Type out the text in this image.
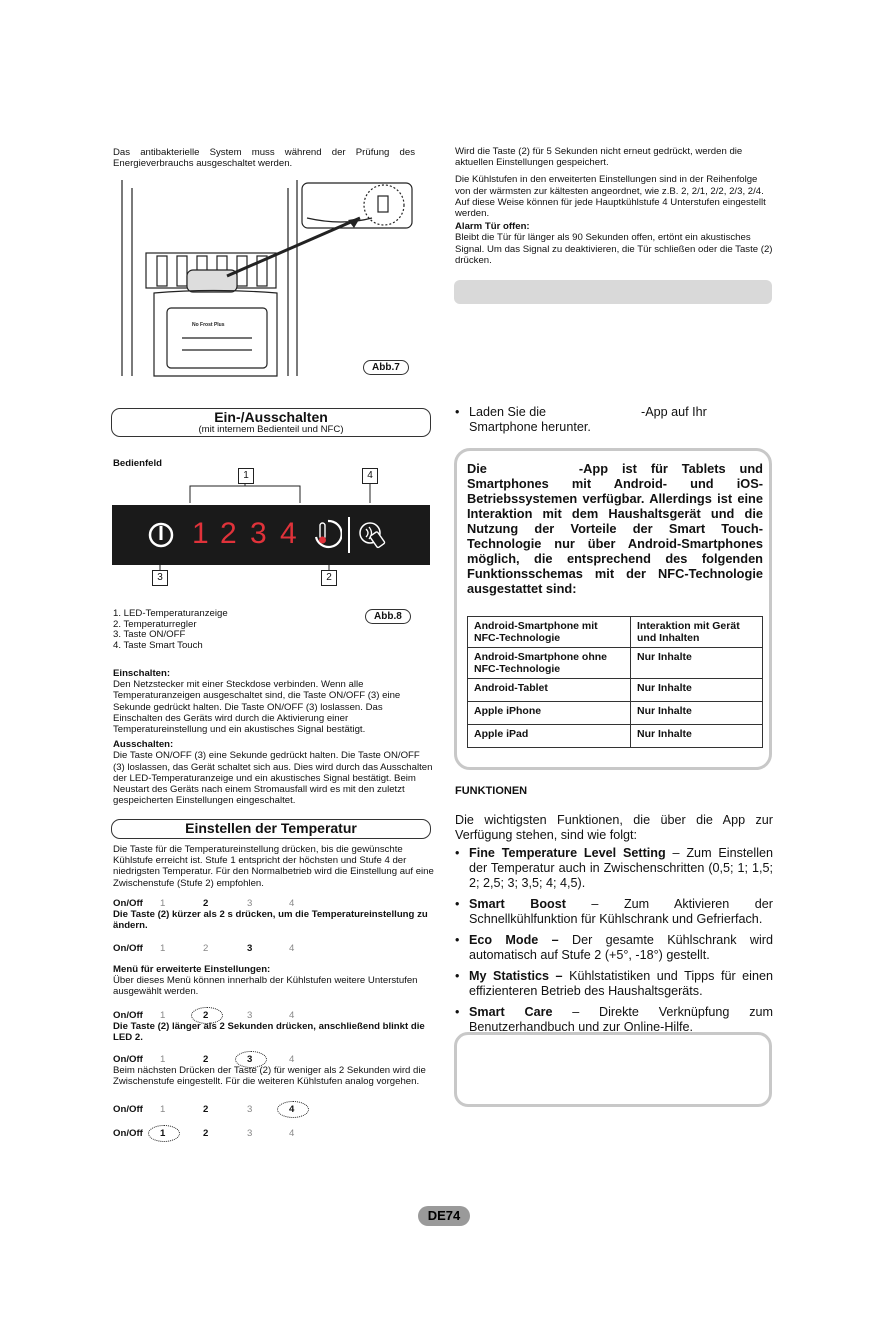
Das antibakterielle System muss während der Prüfung des Energieverbrauchs ausgeschaltet werden.
No Frost Plus
Abb.7
Wird die Taste (2) für 5 Sekunden nicht erneut gedrückt, werden die aktuellen Einstellungen gespeichert.
Die Kühlstufen in den erweiterten Einstellungen sind in der Reihenfolge von der wärmsten zur kältesten angeordnet, wie z.B. 2, 2/1, 2/2, 2/3, 2/4. Auf diese Weise können für jede Hauptkühlstufe 4 Unterstufen eingestellt werden.
Alarm Tür offen:
Bleibt die Tür für länger als 90 Sekunden offen, ertönt ein akustisches Signal. Um das Signal zu deaktivieren, die Tür schließen oder die Taste (2) drücken.
Ein-/Ausschalten
(mit internem Bedienteil und NFC)
Bedienfeld
1	4
1 2 3 4
3	2
1. LED-Temperaturanzeige
2. Temperaturregler
3. Taste ON/OFF
4. Taste Smart Touch
Abb.8
Einschalten:
Den Netzstecker mit einer Steckdose verbinden. Wenn alle Temperaturanzeigen ausgeschaltet sind, die Taste ON/OFF (3) eine Sekunde gedrückt halten. Die Taste ON/OFF (3) loslassen. Das Einschalten des Geräts wird durch die Aktivierung einer Temperatureinstellung und ein akustisches Signal bestätigt.
Ausschalten:
Die Taste ON/OFF (3) eine Sekunde gedrückt halten. Die Taste ON/OFF (3) loslassen, das Gerät schaltet sich aus. Dies wird durch das Ausschalten der LED-Temperaturanzeige und ein akustisches Signal bestätigt. Beim Neustart des Geräts nach einem Stromausfall wird es mit den zuletzt gespeicherten Einstellungen eingeschaltet.
Einstellen der Temperatur
Die Taste für die Temperatureinstellung drücken, bis die gewünschte Kühlstufe erreicht ist. Stufe 1 entspricht der höchsten und Stufe 4 der niedrigsten Temperatur. Für den Normalbetrieb wird die Einstellung auf eine Zwischenstufe (Stufe 2) empfohlen.
On/Off 1	2	3	4
Die Taste (2) kürzer als 2 s drücken, um die Temperatureinstellung zu ändern.
On/Off 1	2	3	4
Menü für erweiterte Einstellungen:
Über dieses Menü können innerhalb der Kühlstufen weitere Unterstufen ausgewählt werden.
On/Off 1	2	3	4
Die Taste (2) länger als 2 Sekunden drücken, anschließend blinkt die LED 2.
On/Off 1	2	3	4
Beim nächsten Drücken der Taste (2) für weniger als 2 Sekunden wird die Zwischenstufe eingestellt. Für die weiteren Kühlstufen analog vorgehen.
On/Off 1	2	3	4
On/Off 1	2	3	4
• Laden Sie die	-App auf Ihr Smartphone herunter.
Die	-App ist für Tablets und Smartphones mit Android- und iOS-Betriebssystemen verfügbar. Allerdings ist eine Interaktion mit dem Haushaltsgerät und die Nutzung der Vorteile der Smart Touch-Technologie nur über Android-Smartphones möglich, die entsprechend des folgenden Funktionsschemas mit der NFC-Technologie ausgestattet sind:
Android-Smartphone mit NFC-Technologie	Interaktion mit Gerät und Inhalten
Android-Smartphone ohne NFC-Technologie	Nur Inhalte
Android-Tablet	Nur Inhalte
Apple iPhone	Nur Inhalte
Apple iPad	Nur Inhalte
FUNKTIONEN
Die wichtigsten Funktionen, die über die App zur Verfügung stehen, sind wie folgt:
• Fine Temperature Level Setting – Zum Einstellen der Temperatur auch in Zwischenschritten (0,5; 1; 1,5; 2; 2,5; 3; 3,5; 4; 4,5).
• Smart Boost – Zum Aktivieren der Schnellkühlfunktion für Kühlschrank und Gefrierfach.
• Eco Mode – Der gesamte Kühlschrank wird automatisch auf Stufe 2 (+5°, -18°) gestellt.
• My Statistics – Kühlstatistiken und Tipps für einen effizienteren Betrieb des Haushaltsgeräts.
• Smart Care – Direkte Verknüpfung zum Benutzerhandbuch und zur Online-Hilfe.
DE74
